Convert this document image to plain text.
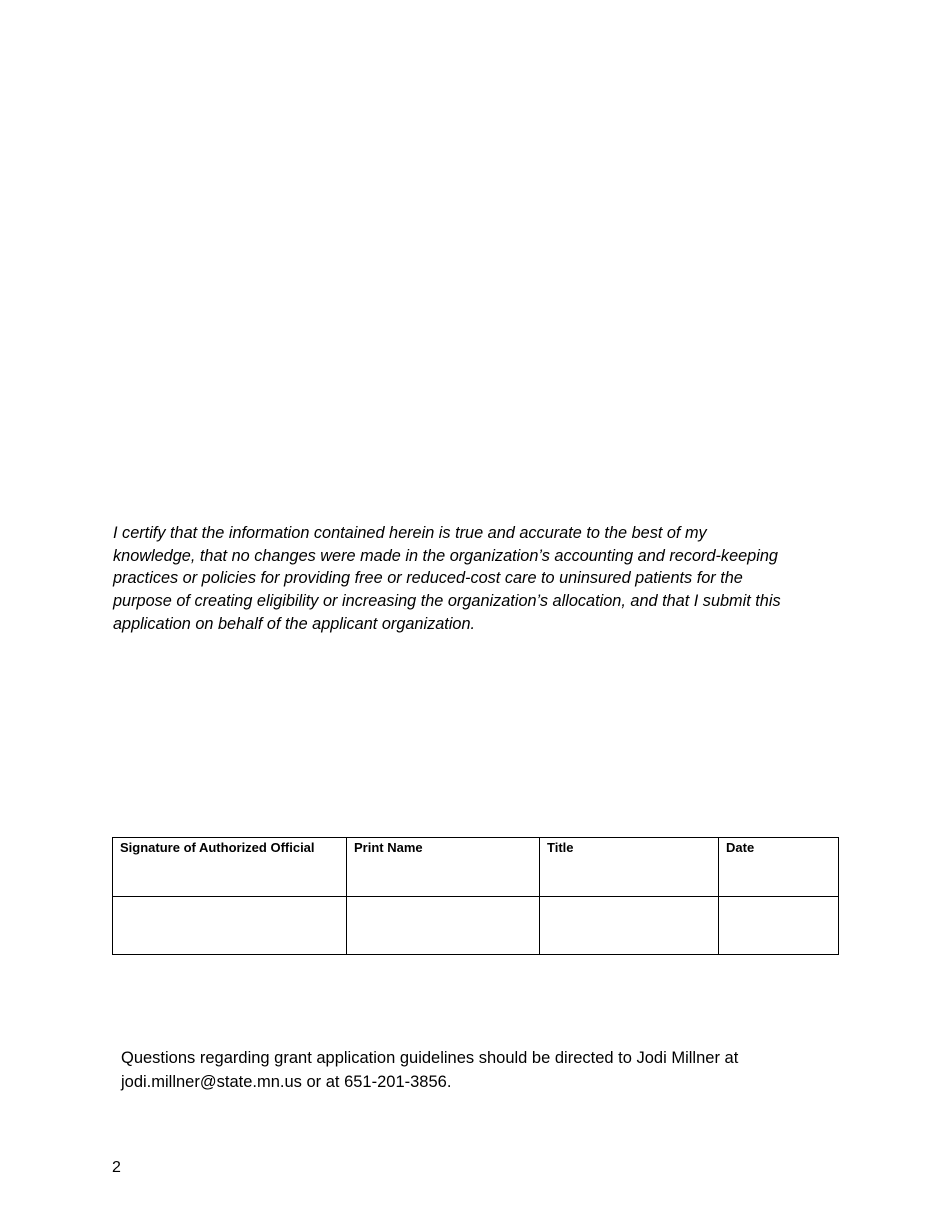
I certify that the information contained herein is true and accurate to the best of my
knowledge, that no changes were made in the organization’s accounting and record-keeping
practices or policies for providing free or reduced-cost care to uninsured patients for the
purpose of creating eligibility or increasing the organization’s allocation, and that I submit this
application on behalf of the applicant organization.

Signature of Authorized Official	Print Name	Title	Date

Questions regarding grant application guidelines should be directed to Jodi Millner at
jodi.millner@state.mn.us or at 651-201-3856.

2
